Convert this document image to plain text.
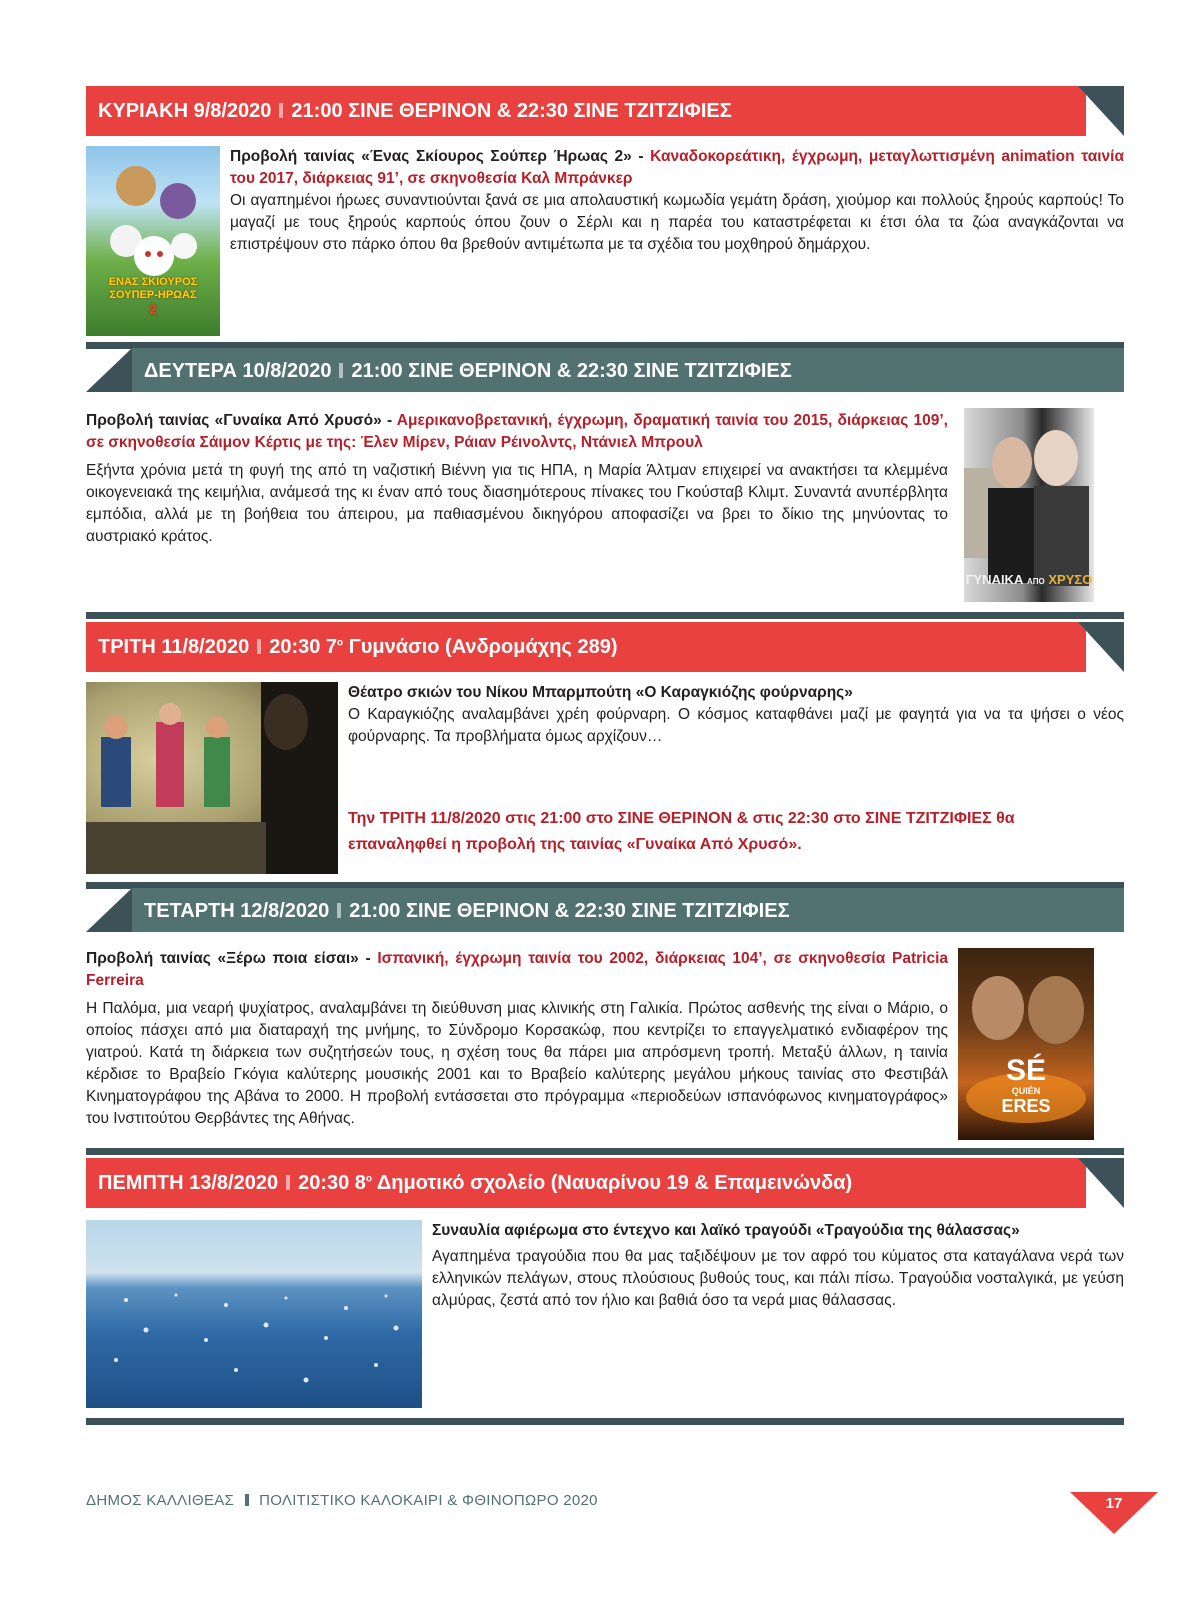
ΚΥΡΙΑΚΗ 9/8/2020 21:00 ΣΙΝΕ ΘΕΡΙΝΟΝ & 22:30 ΣΙΝΕ ΤΖΙΤΖΙΦΙΕΣ
ΕΝΑΣ ΣΚΙΟΥΡΟΣ
ΣΟΥΠΕΡ-ΗΡΩΑΣ
2
Προβολή ταινίας «Ένας Σκίουρος Σούπερ Ήρωας 2» - Καναδοκορεάτικη, έγχρωμη, μεταγλωττισμένη animation ταινία του 2017, διάρκειας 91’, σε σκηνοθεσία Καλ Μπράνκερ
Οι αγαπημένοι ήρωες συναντιούνται ξανά σε μια απολαυστική κωμωδία γεμάτη δράση, χιούμορ και πολλούς ξηρούς καρπούς! Το μαγαζί με τους ξηρούς καρπούς όπου ζουν ο Σέρλι και η παρέα του καταστρέφεται κι έτσι όλα τα ζώα αναγκάζονται να επιστρέψουν στο πάρκο όπου θα βρεθούν αντιμέτωπα με τα σχέδια του μοχθηρού δημάρχου.
ΔΕΥΤΕΡΑ 10/8/2020 21:00 ΣΙΝΕ ΘΕΡΙΝΟΝ & 22:30 ΣΙΝΕ ΤΖΙΤΖΙΦΙΕΣ
Προβολή ταινίας «Γυναίκα Από Χρυσό» - Αμερικανοβρετανική, έγχρωμη, δραματική ταινία του 2015, διάρκειας 109’, σε σκηνοθεσία Σάιμον Κέρτις με της: Έλεν Μίρεν, Ράιαν Ρέινολντς, Ντάνιελ Μπρουλ
Εξήντα χρόνια μετά τη φυγή της από τη ναζιστική Βιέννη για τις ΗΠΑ, η Μαρία Άλτμαν επιχειρεί να ανακτήσει τα κλεμμένα οικογενειακά της κειμήλια, ανάμεσά της κι έναν από τους διασημότερους πίνακες του Γκούσταβ Κλιμτ. Συναντά ανυπέρβλητα εμπόδια, αλλά με τη βοήθεια του άπειρου, μα παθιασμένου δικηγόρου αποφασίζει να βρει το δίκιο της μηνύοντας το αυστριακό κράτος.
ΓΥΝΑΙΚΑ ΑΠΟ ΧΡΥΣΟ
ΤΡΙΤΗ 11/8/2020 20:30 $7^o$ Γυμνάσιο (Ανδρομάχης 289)
Θέατρο σκιών του Νίκου Μπαρμπούτη «Ο Καραγκιόζης φούρναρης»
Ο Καραγκιόζης αναλαμβάνει χρέη φούρναρη. Ο κόσμος καταφθάνει μαζί με φαγητά για να τα ψήσει ο νέος φούρναρης. Τα προβλήματα όμως αρχίζουν…
Την ΤΡΙΤΗ 11/8/2020 στις 21:00 στο ΣΙΝΕ ΘΕΡΙΝΟΝ & στις 22:30 στο ΣΙΝΕ ΤΖΙΤΖΙΦΙΕΣ θα επαναληφθεί η προβολή της ταινίας «Γυναίκα Από Χρυσό».
ΤΕΤΑΡΤΗ 12/8/2020 21:00 ΣΙΝΕ ΘΕΡΙΝΟΝ & 22:30 ΣΙΝΕ ΤΖΙΤΖΙΦΙΕΣ
Προβολή ταινίας «Ξέρω ποια είσαι» - Ισπανική, έγχρωμη ταινία του 2002, διάρκειας 104’, σε σκηνοθεσία Patricia Ferreira
Η Παλόμα, μια νεαρή ψυχίατρος, αναλαμβάνει τη διεύθυνση μιας κλινικής στη Γαλικία. Πρώτος ασθενής της είναι ο Μάριο, ο οποίος πάσχει από μια διαταραχή της μνήμης, το Σύνδρομο Κορσακώφ, που κεντρίζει το επαγγελματικό ενδιαφέρον της γιατρού. Κατά τη διάρκεια των συζητήσεών τους, η σχέση τους θα πάρει μια απρόσμενη τροπή. Μεταξύ άλλων, η ταινία κέρδισε το Βραβείο Γκόγια καλύτερης μουσικής 2001 και το Βραβείο καλύτερης μεγάλου μήκους ταινίας στο Φεστιβάλ Κινηματογράφου της Αβάνα το 2000. Η προβολή εντάσσεται στο πρόγραμμα «περιοδεύων ισπανόφωνος κινηματογράφος» του Ινστιτούτου Θερβάντες της Αθήνας.
SÉ
QUIÉN
ERES
ΠΕΜΠΤΗ 13/8/2020 20:30 $8^o$ Δημοτικό σχολείο (Ναυαρίνου 19 & Επαμεινώνδα)
Συναυλία αφιέρωμα στο έντεχνο και λαϊκό τραγούδι «Τραγούδια της θάλασσας»
Αγαπημένα τραγούδια που θα μας ταξιδέψουν με τον αφρό του κύματος στα καταγάλανα νερά των ελληνικών πελάγων, στους πλούσιους βυθούς τους, και πάλι πίσω. Τραγούδια νοσταλγικά, με γεύση αλμύρας, ζεστά από τον ήλιο και βαθιά όσο τα νερά μιας θάλασσας.
ΔΗΜΟΣ ΚΑΛΛΙΘΕΑΣ ΠΟΛΙΤΙΣΤΙΚΟ ΚΑΛΟΚΑΙΡΙ & ΦΘΙΝΟΠΩΡΟ 2020	17
